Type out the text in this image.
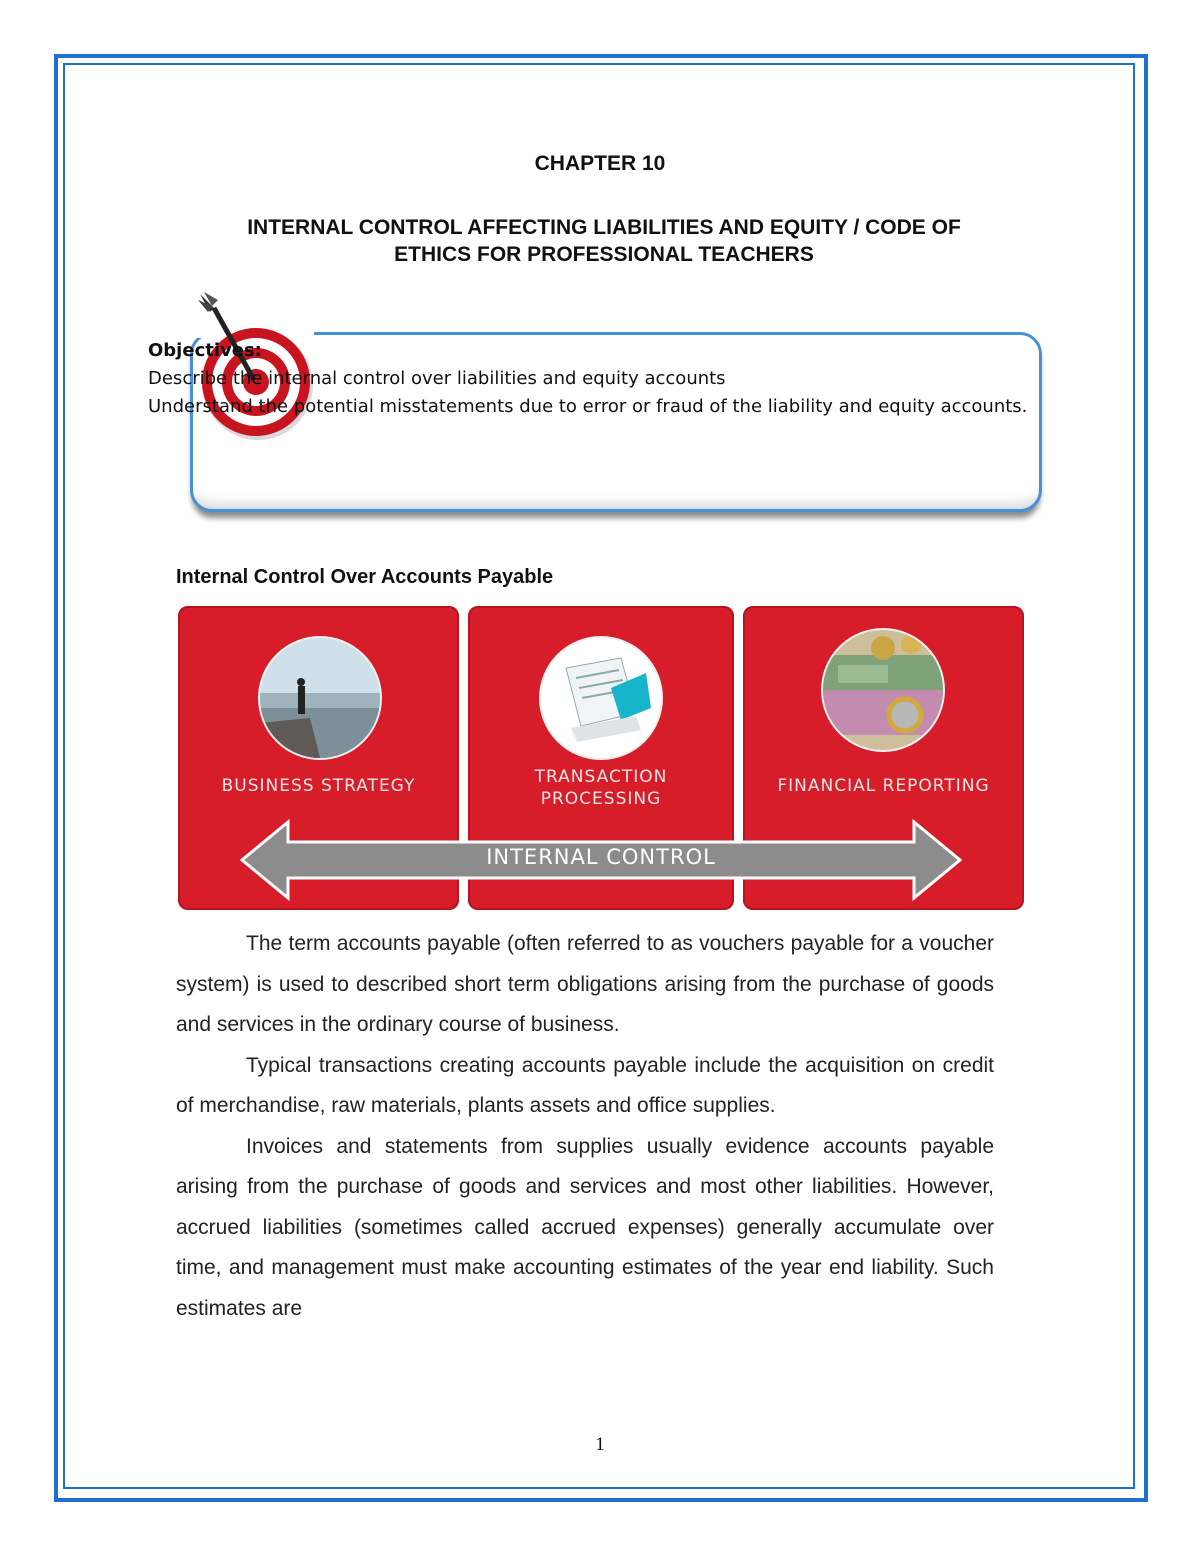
CHAPTER 10
INTERNAL CONTROL AFFECTING LIABILITIES AND EQUITY / CODE OF
ETHICS FOR PROFESSIONAL TEACHERS
Objectives:
Describe the internal control over liabilities and equity accounts
Understand the potential misstatements due to error or fraud of the liability and equity accounts.
Internal Control Over Accounts Payable
BUSINESS STRATEGY	TRANSACTION
PROCESSING
FINANCIAL REPORTING
INTERNAL CONTROL

The term accounts payable (often referred to as vouchers payable for a voucher system) is used to described short term obligations arising from the purchase of goods and services in the ordinary course of business.

Typical transactions creating accounts payable include the acquisition on credit of merchandise, raw materials, plants assets and office supplies.

Invoices and statements from supplies usually evidence accounts payable arising from the purchase of goods and services and most other liabilities. However, accrued liabilities (sometimes called accrued expenses) generally accumulate over time, and management must make accounting estimates of the year end liability. Such estimates are

1
